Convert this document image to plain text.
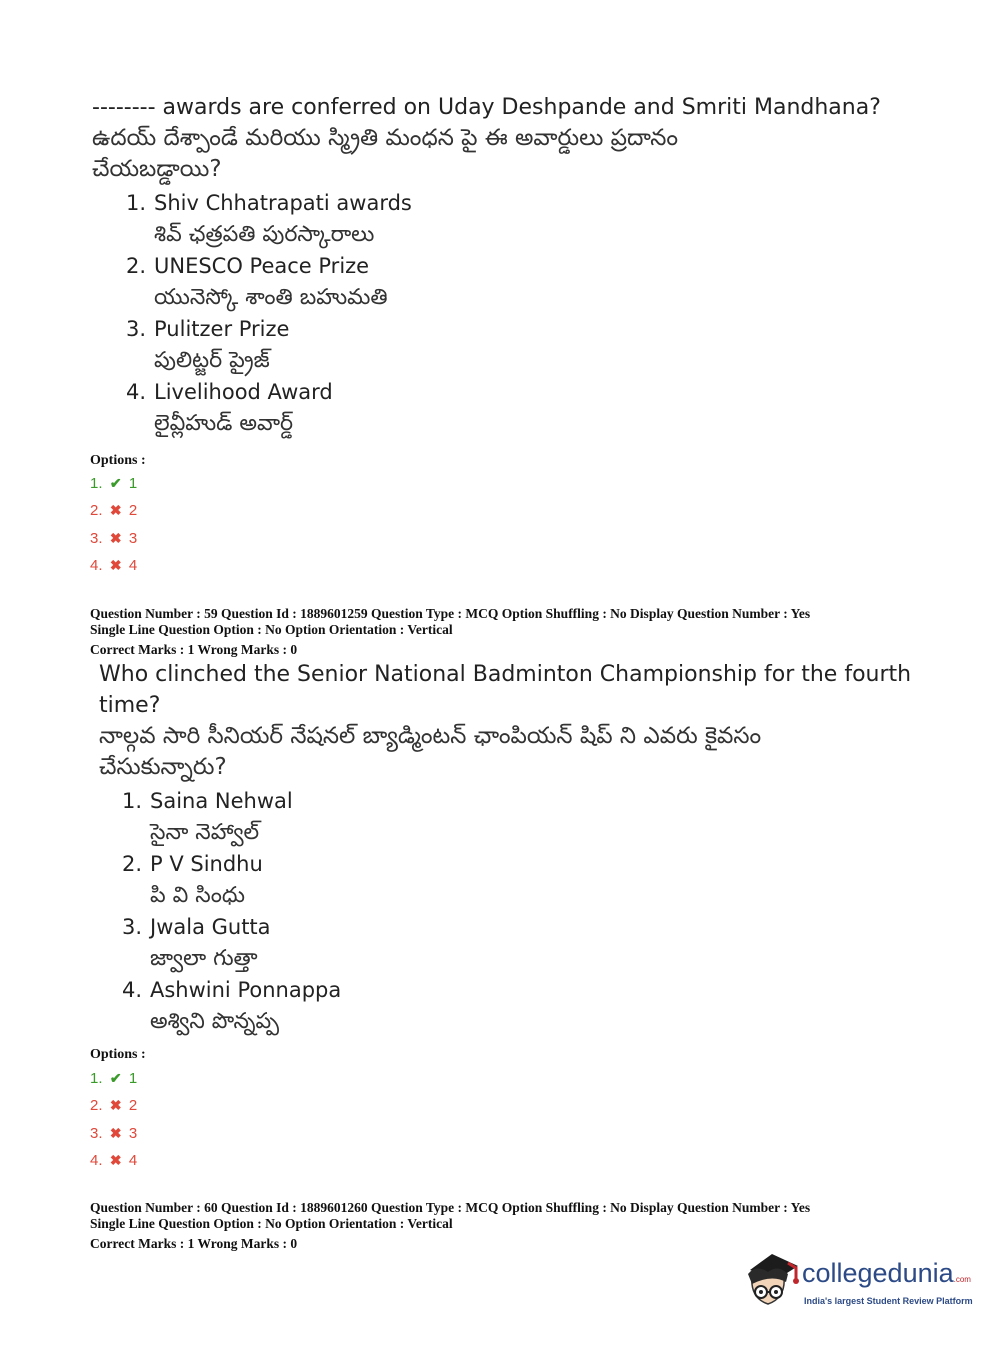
-------- awards are conferred on Uday Deshpande and Smriti Mandhana?
ఉదయ్ దేశ్పాండే మరియు స్మ్రితి మంధన పై ఈ అవార్డులు ప్రదానం చేయబడ్డాయి?
1. Shiv Chhatrapati awards
శివ్ ఛత్రపతి పురస్కారాలు
2. UNESCO Peace Prize
యునెస్కో శాంతి బహుమతి
3. Pulitzer Prize
పులిట్జర్ ప్రైజ్
4. Livelihood Award
లైవ్లీహుడ్ అవార్డ్
Options :
1. ✔ 1
2. ✖ 2
3. ✖ 3
4. ✖ 4
Question Number : 59 Question Id : 1889601259 Question Type : MCQ Option Shuffling : No Display Question Number : Yes
Single Line Question Option : No Option Orientation : Vertical
Correct Marks : 1 Wrong Marks : 0
Who clinched the Senior National Badminton Championship for the fourth time?
నాల్గవ సారి సీనియర్ నేషనల్ బ్యాడ్మింటన్ ఛాంపియన్ షిప్ ని ఎవరు కైవసం చేసుకున్నారు?
1. Saina Nehwal
సైనా నెహ్వాల్
2. P V Sindhu
పి వి సింధు
3. Jwala Gutta
జ్వాలా గుత్తా
4. Ashwini Ponnappa
అశ్విని పొన్నప్ప
Options :
1. ✔ 1
2. ✖ 2
3. ✖ 3
4. ✖ 4
Question Number : 60 Question Id : 1889601260 Question Type : MCQ Option Shuffling : No Display Question Number : Yes
Single Line Question Option : No Option Orientation : Vertical
Correct Marks : 1 Wrong Marks : 0
collegedunia.com
India's largest Student Review Platform
